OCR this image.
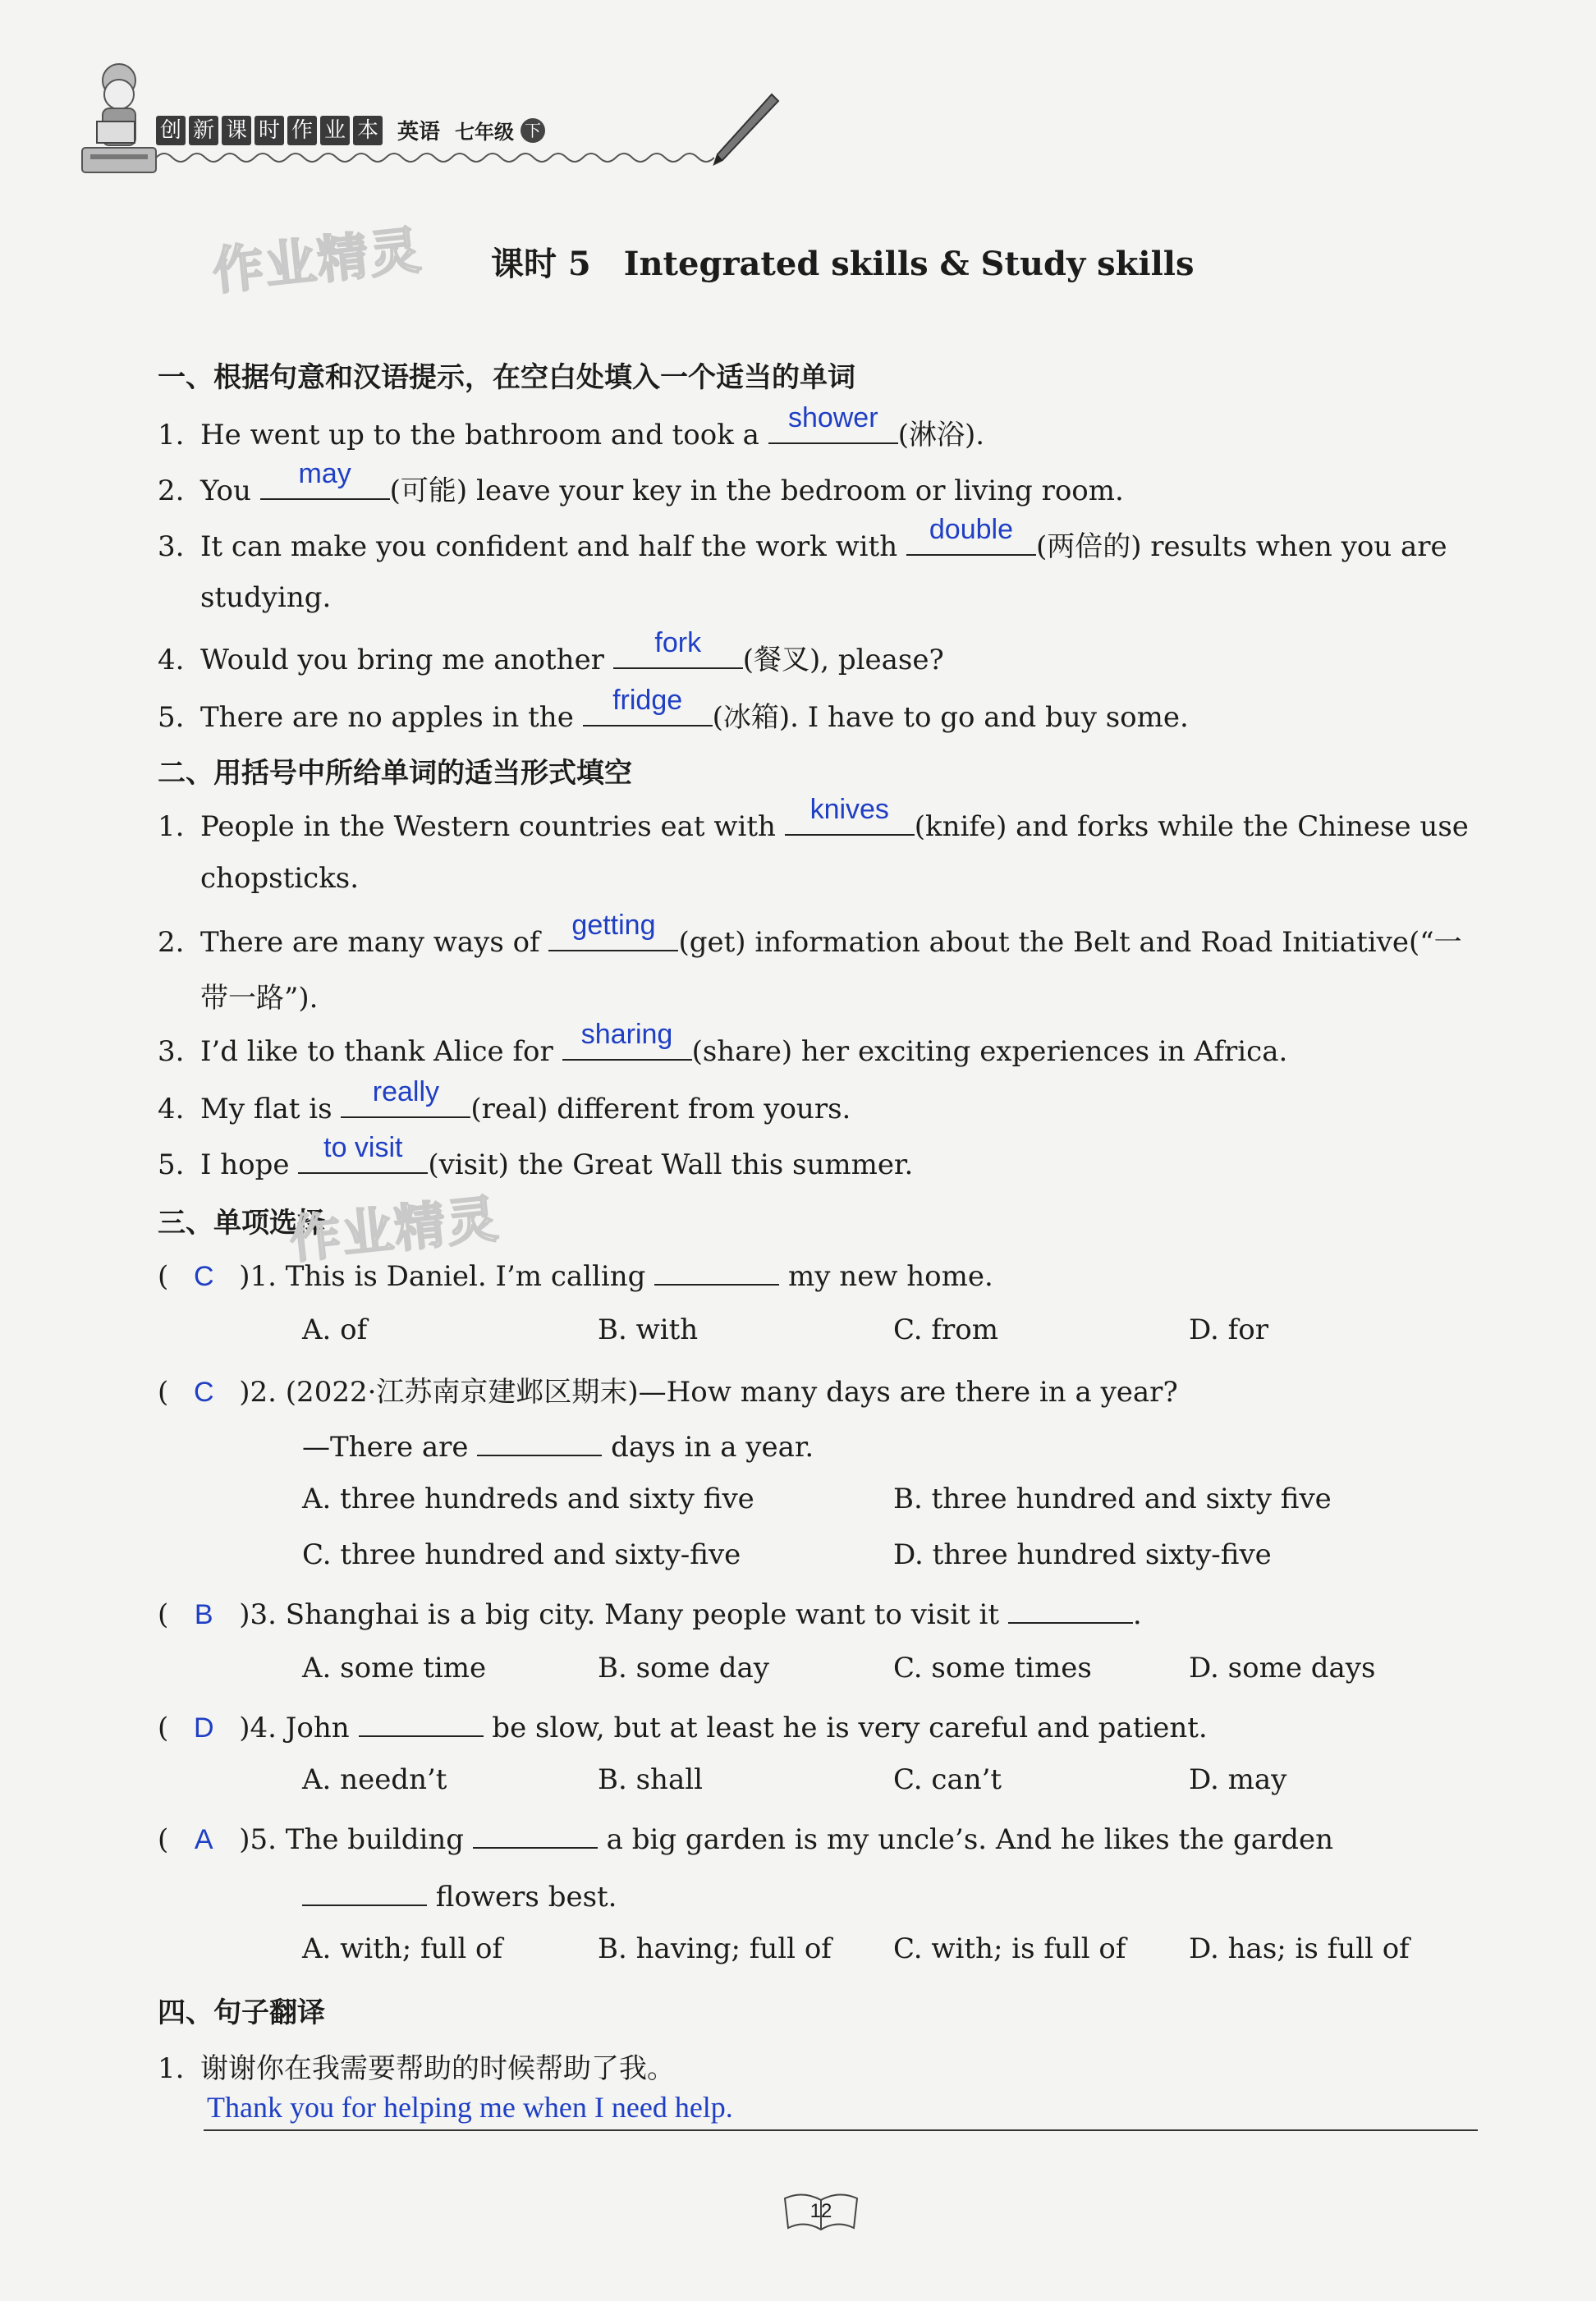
创 新 课 时 作 业 本 英语 七年级 下
作业精灵 课时 5　Integrated skills & Study skills
一、根据句意和汉语提示，在空白处填入一个适当的单词
1. He went up to the bathroom and took a
shower
(淋浴).
2. You
may
(可能) leave your key in the bedroom or living room.
3. It can make you confident and half the work with
double
(两倍的) results when you are
studying.
4. Would you bring me another
fork
(餐叉), please?
5. There are no apples in the
fridge
(冰箱). I have to go and buy some.
二、用括号中所给单词的适当形式填空
1. People in the Western countries eat with
knives
(knife) and forks while the Chinese use
chopsticks.
2. There are many ways of
getting
(get) information about the Belt and Road Initiative(“一
带一路”).
3. I’d like to thank Alice for
sharing
(share) her exciting experiences in Africa.
4. My flat is
really
(real) different from yours.
5. I hope
to visit
(visit) the Great Wall this summer.
三、单项选择
作业精灵
( C )1. This is Daniel. I’m calling	my new home.
A. of	B. with	C. from	D. for
( C )2. (2022·江苏南京建邺区期末)—How many days are there in a year?
—There are	days in a year.
A. three hundreds and sixty five	B. three hundred and sixty five
C. three hundred and sixty-five	D. three hundred sixty-five
( B )3. Shanghai is a big city. Many people want to visit it	.
A. some time	B. some day	C. some times	D. some days
( D )4. John	be slow, but at least he is very careful and patient.
A. needn’t	B. shall	C. can’t	D. may
( A )5. The building	a big garden is my uncle’s. And he likes the garden
flowers best.
A. with; full of	B. having; full of C. with; is full of D. has; is full of
四、句子翻译
1. 谢谢你在我需要帮助的时候帮助了我。
Thank you for helping me when I need help.
12
